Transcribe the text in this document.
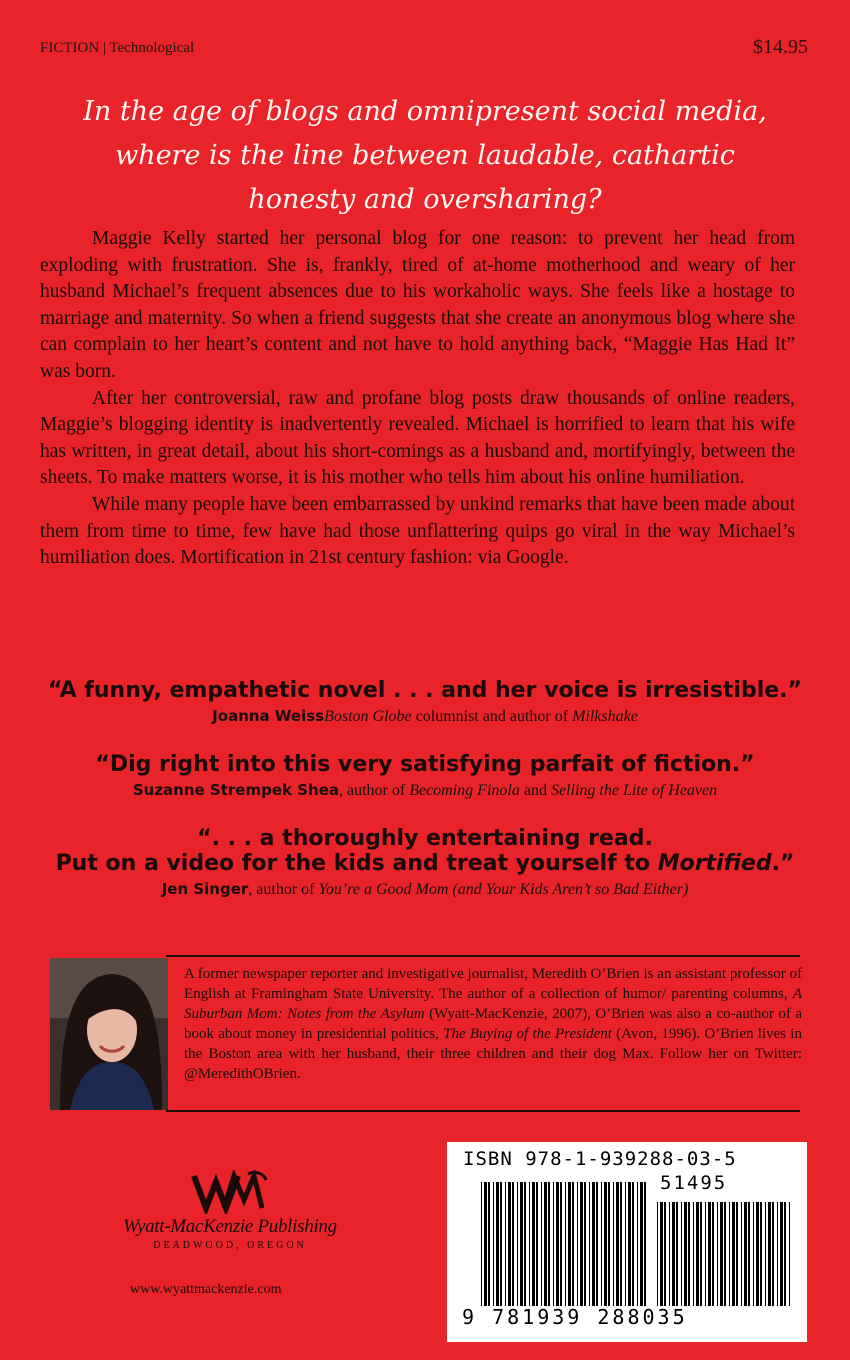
FICTION | Technological	$14.95
In the age of blogs and omnipresent social media,
where is the line between laudable, cathartic
honesty and oversharing?

Maggie Kelly started her personal blog for one reason: to prevent her head from exploding with frustration. She is, frankly, tired of at-home motherhood and weary of her husband Michael’s frequent absences due to his workaholic ways. She feels like a hostage to marriage and maternity. So when a friend suggests that she create an anonymous blog where she can complain to her heart’s content and not have to hold anything back, “Maggie Has Had It” was born.

After her controversial, raw and profane blog posts draw thousands of online readers, Maggie’s blogging identity is inadvertently revealed. Michael is horrified to learn that his wife has written, in great detail, about his short-comings as a husband and, mortifyingly, between the sheets. To make matters worse, it is his mother who tells him about his online humiliation.

While many people have been embarrassed by unkind remarks that have been made about them from time to time, few have had those unflattering quips go viral in the way Michael’s humiliation does. Mortification in 21st century fashion: via Google.

“A funny, empathetic novel . . . and her voice is irresistible.”
Joanna WeissBoston Globe columnist and author of Milkshake
“Dig right into this very satisfying parfait of fiction.”
Suzanne Strempek Shea, author of Becoming Finola and Selling the Lite of Heaven
“. . . a thoroughly entertaining read.
Put on a video for the kids and treat yourself to Mortified.”
Jen Singer, author of You’re a Good Mom (and Your Kids Aren’t so Bad Either)
A former newspaper reporter and investigative journalist, Meredith O’Brien is an assistant professor of English at Framingham State University. The author of a collection of humor/ parenting columns, A Suburban Mom: Notes from the Asylum (Wyatt-MacKenzie, 2007), O’Brien was also a co-author of a book about money in presidential politics, The Buying of the President (Avon, 1996). O’Brien lives in the Boston area with her husband, their three children and their dog Max. Follow her on Twitter: @MeredithOBrien.
Wyatt-MacKenzie Publishing
DEADWOOD, OREGON
www.wyattmackenzie.com
ISBN 978-1-939288-03-5
51495
9 781939 288035
